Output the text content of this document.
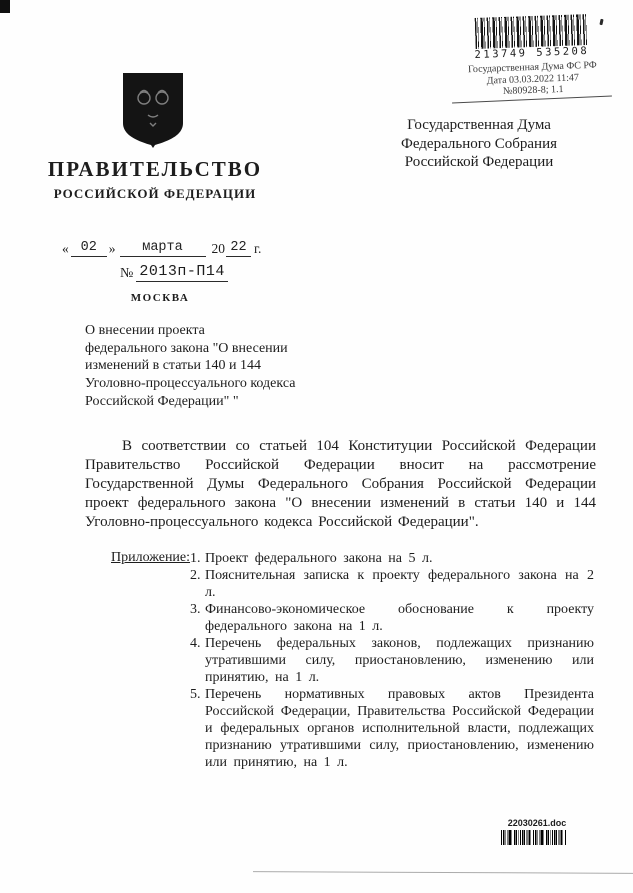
213749 535208
Государственная Дума ФС РФ
Дата 03.03.2022 11:47
№80928-8; 1.1
Государственная Дума
Федерального Собрания
Российской Федерации
ПРАВИТЕЛЬСТВО
РОССИЙСКОЙ ФЕДЕРАЦИИ
« 02 »	марта	20 22 г.
№ 2013п-П14
МОСКВА
О внесении проекта
федерального закона "О внесении
изменений в статьи 140 и 144
Уголовно-процессуального кодекса
Российской Федерации" "
В соответствии со статьей 104 Конституции Российской Федерации Правительство Российской Федерации вносит на рассмотрение Государственной Думы Федерального Собрания Российской Федерации проект федерального закона "О внесении изменений в статьи 140 и 144 Уголовно-процессуального кодекса Российской Федерации".
Приложение: 1. Проект федерального закона на 5 л.
2. Пояснительная записка к проекту федерального закона на 2 л.
3. Финансово-экономическое обоснование к проекту федерального закона на 1 л.
4. Перечень федеральных законов, подлежащих признанию утратившими силу, приостановлению, изменению или принятию, на 1 л.
5. Перечень нормативных правовых актов Президента Российской Федерации, Правительства Российской Федерации и федеральных органов исполнительной власти, подлежащих признанию утратившими силу, приостановлению, изменению или принятию, на 1 л.
22030261.doc
